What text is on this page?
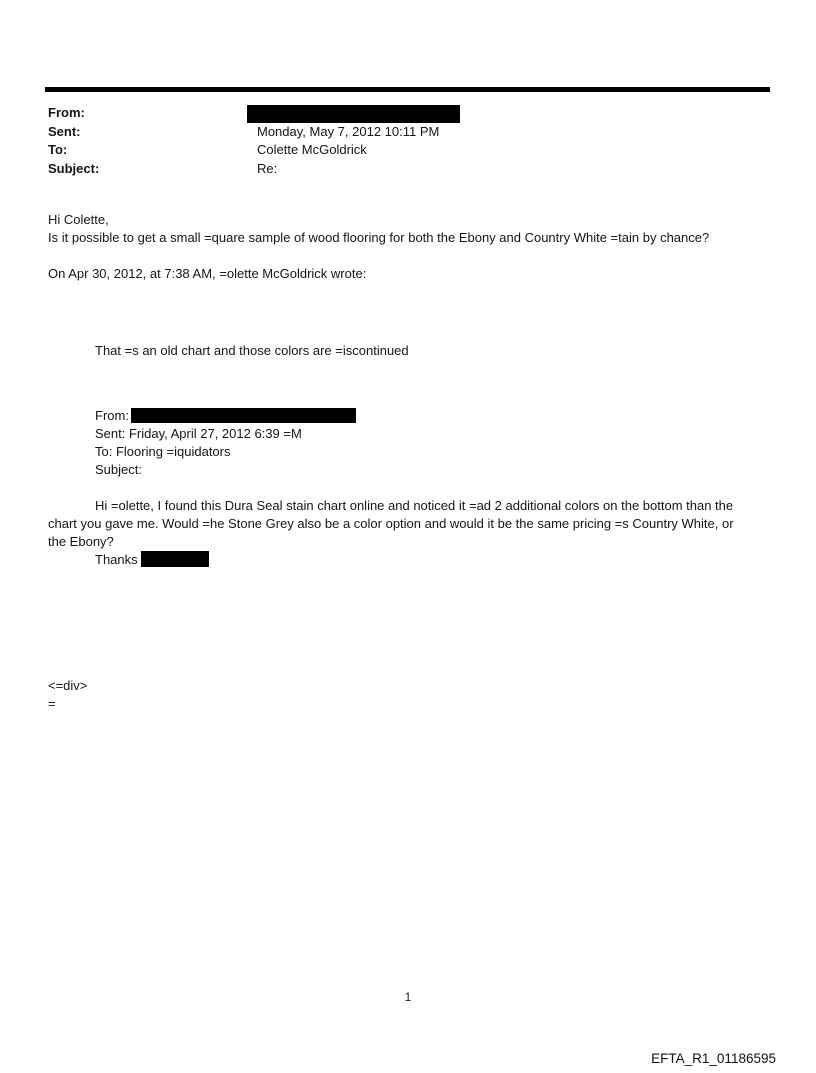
From:
Sent:	Monday, May 7, 2012 10:11 PM
To:	Colette McGoldrick
Subject:	Re:
Hi Colette,
Is it possible to get a small =quare sample of wood flooring for both the Ebony and Country White =tain by chance?
On Apr 30, 2012, at 7:38 AM, =olette McGoldrick wrote:
That =s an old chart and those colors are =iscontinued
From:
Sent: Friday, April 27, 2012 6:39 =M
To: Flooring =iquidators
Subject:
Hi =olette, I found this Dura Seal stain chart online and noticed it =ad 2 additional colors on the bottom than the
chart you gave me. Would =he Stone Grey also be a color option and would it be the same pricing =s Country White, or
the Ebony?
Thanks
<=div>
=
1
EFTA_R1_01186595
